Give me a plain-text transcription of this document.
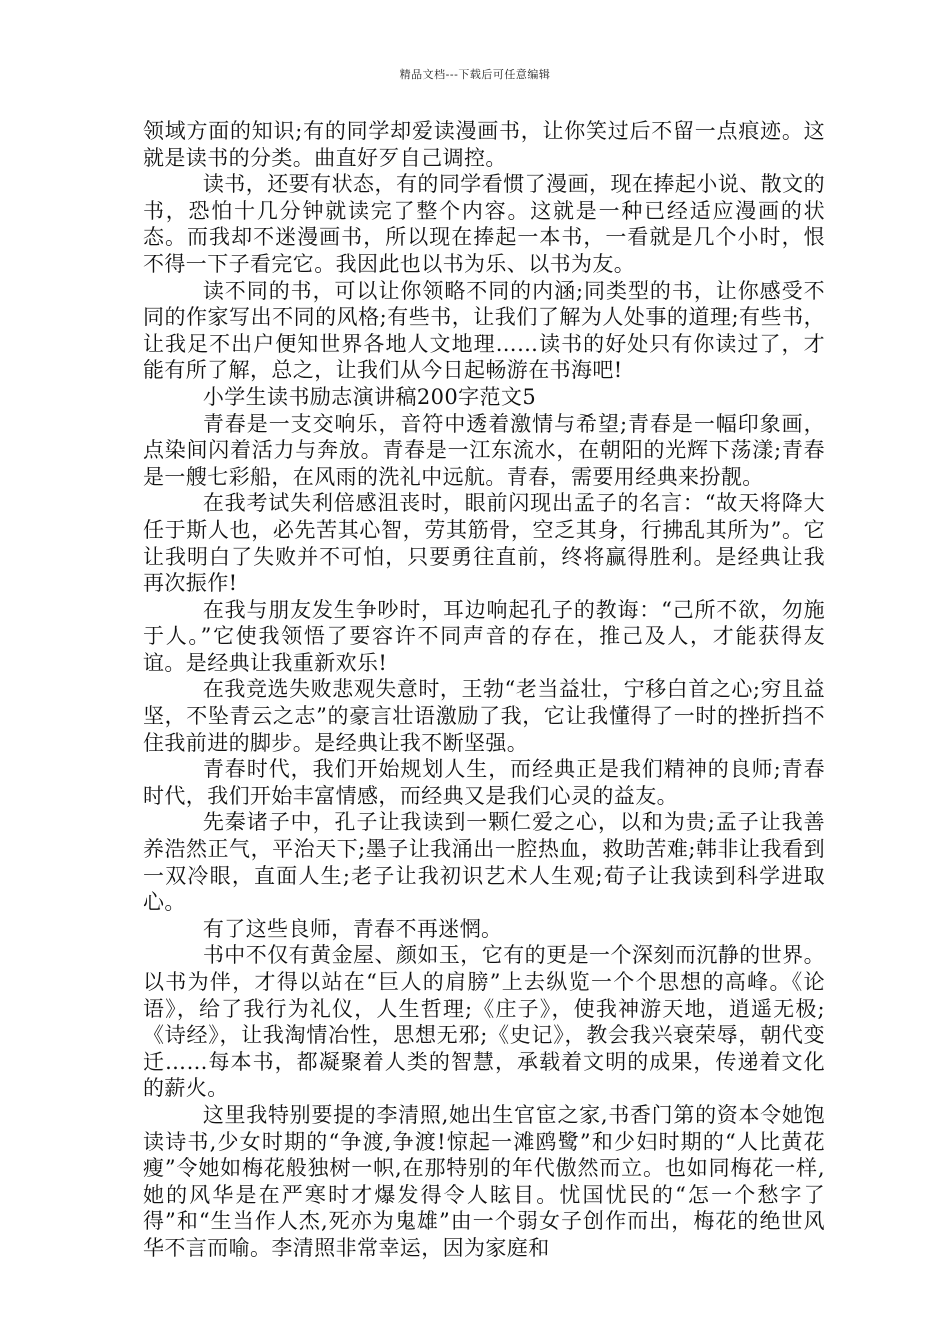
精品文档---下载后可任意编辑

领域方面的知识;有的同学却爱读漫画书，让你笑过后不留一点痕迹。这就是读书的分类。曲直好歹自己调控。

读书，还要有状态，有的同学看惯了漫画，现在捧起小说、散文的书，恐怕十几分钟就读完了整个内容。这就是一种已经适应漫画的状态。而我却不迷漫画书，所以现在捧起一本书，一看就是几个小时，恨不得一下子看完它。我因此也以书为乐、以书为友。

读不同的书，可以让你领略不同的内涵;同类型的书，让你感受不同的作家写出不同的风格;有些书，让我们了解为人处事的道理;有些书，让我足不出户便知世界各地人文地理……读书的好处只有你读过了，才能有所了解，总之，让我们从今日起畅游在书海吧!

小学生读书励志演讲稿200字范文5

青春是一支交响乐，音符中透着激情与希望;青春是一幅印象画，点染间闪着活力与奔放。青春是一江东流水，在朝阳的光辉下荡漾;青春是一艘七彩船，在风雨的洗礼中远航。青春，需要用经典来扮靓。

在我考试失利倍感沮丧时，眼前闪现出孟子的名言：“故天将降大任于斯人也，必先苦其心智，劳其筋骨，空乏其身，行拂乱其所为”。它让我明白了失败并不可怕，只要勇往直前，终将赢得胜利。是经典让我再次振作!

在我与朋友发生争吵时，耳边响起孔子的教诲：“己所不欲，勿施于人。”它使我领悟了要容许不同声音的存在，推己及人，才能获得友谊。是经典让我重新欢乐!

在我竞选失败悲观失意时，王勃“老当益壮，宁移白首之心;穷且益坚，不坠青云之志”的豪言壮语激励了我，它让我懂得了一时的挫折挡不住我前进的脚步。是经典让我不断坚强。

青春时代，我们开始规划人生，而经典正是我们精神的良师;青春时代，我们开始丰富情感，而经典又是我们心灵的益友。

先秦诸子中，孔子让我读到一颗仁爱之心，以和为贵;孟子让我善养浩然正气，平治天下;墨子让我涌出一腔热血，救助苦难;韩非让我看到一双冷眼，直面人生;老子让我初识艺术人生观;荀子让我读到科学进取心。

有了这些良师，青春不再迷惘。

书中不仅有黄金屋、颜如玉，它有的更是一个深刻而沉静的世界。以书为伴，才得以站在“巨人的肩膀”上去纵览一个个思想的高峰。《论语》，给了我行为礼仪，人生哲理;《庄子》，使我神游天地，逍遥无极;《诗经》，让我淘情冶性，思想无邪;《史记》，教会我兴衰荣辱，朝代变迁……每本书，都凝聚着人类的智慧，承载着文明的成果，传递着文化的薪火。

这里我特别要提的李清照,她出生官宦之家,书香门第的资本令她饱读诗书,少女时期的“争渡,争渡!惊起一滩鸥鹭”和少妇时期的“人比黄花瘦”令她如梅花般独树一帜,在那特别的年代傲然而立。也如同梅花一样,她的风华是在严寒时才爆发得令人眩目。忧国忧民的“怎一个愁字了得”和“生当作人杰,死亦为鬼雄”由一个弱女子创作而出，梅花的绝世风华不言而喻。李清照非常幸运，因为家庭和
